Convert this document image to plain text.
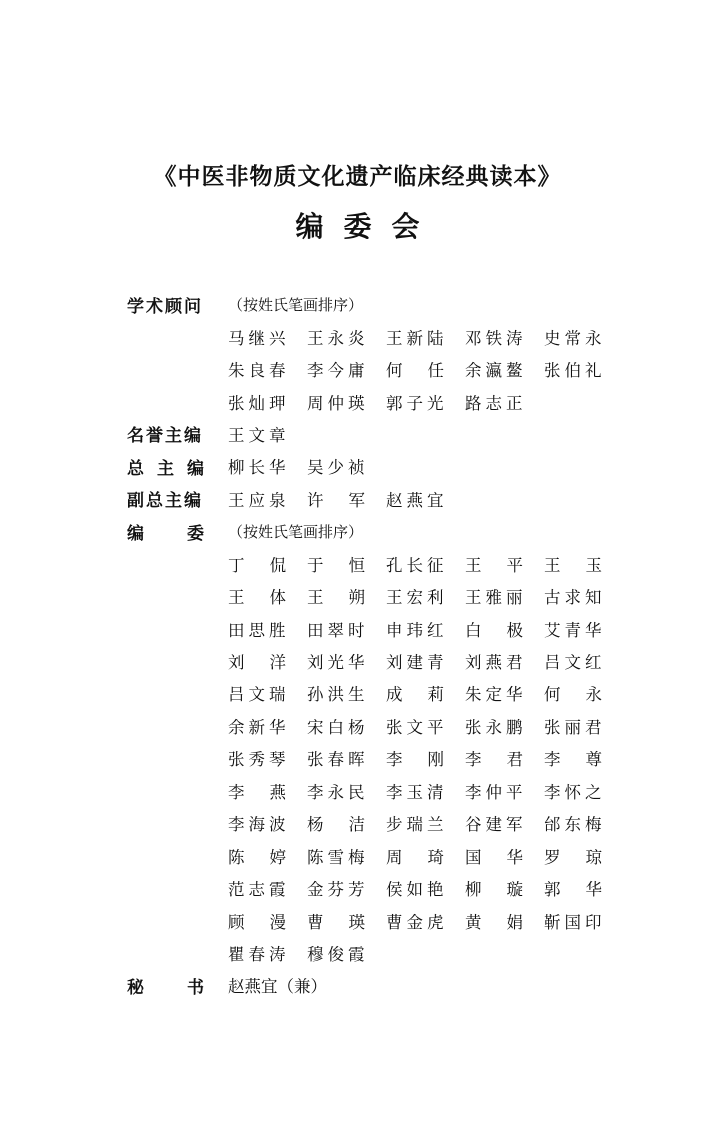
《中医非物质文化遗产临床经典读本》
编 委 会
学术顾问 （按姓氏笔画排序）
马继兴 王永炎 王新陆 邓铁涛 史常永
朱良春 李今庸 何 任 余瀛鳌 张伯礼
张灿玾 周仲瑛 郭子光 路志正
名誉主编 王文章
总主编 柳长华 吴少祯
副总主编 王应泉 许 军 赵燕宜
编	委 （按姓氏笔画排序）
丁 侃 于 恒 孔长征 王 平 王 玉
王 体 王 朔 王宏利 王雅丽 古求知
田思胜 田翠时 申玮红 白 极 艾青华
刘 洋 刘光华 刘建青 刘燕君 吕文红
吕文瑞 孙洪生 成 莉 朱定华 何 永
余新华 宋白杨 张文平 张永鹏 张丽君
张秀琴 张春晖 李 刚 李 君 李 尊
李 燕 李永民 李玉清 李仲平 李怀之
李海波 杨 洁 步瑞兰 谷建军 邰东梅
陈 婷 陈雪梅 周 琦 国 华 罗 琼
范志霞 金芬芳 侯如艳 柳 璇 郭 华
顾 漫 曹 瑛 曹金虎 黄 娟 靳国印
瞿春涛 穆俊霞
秘	书 赵燕宜（兼）
